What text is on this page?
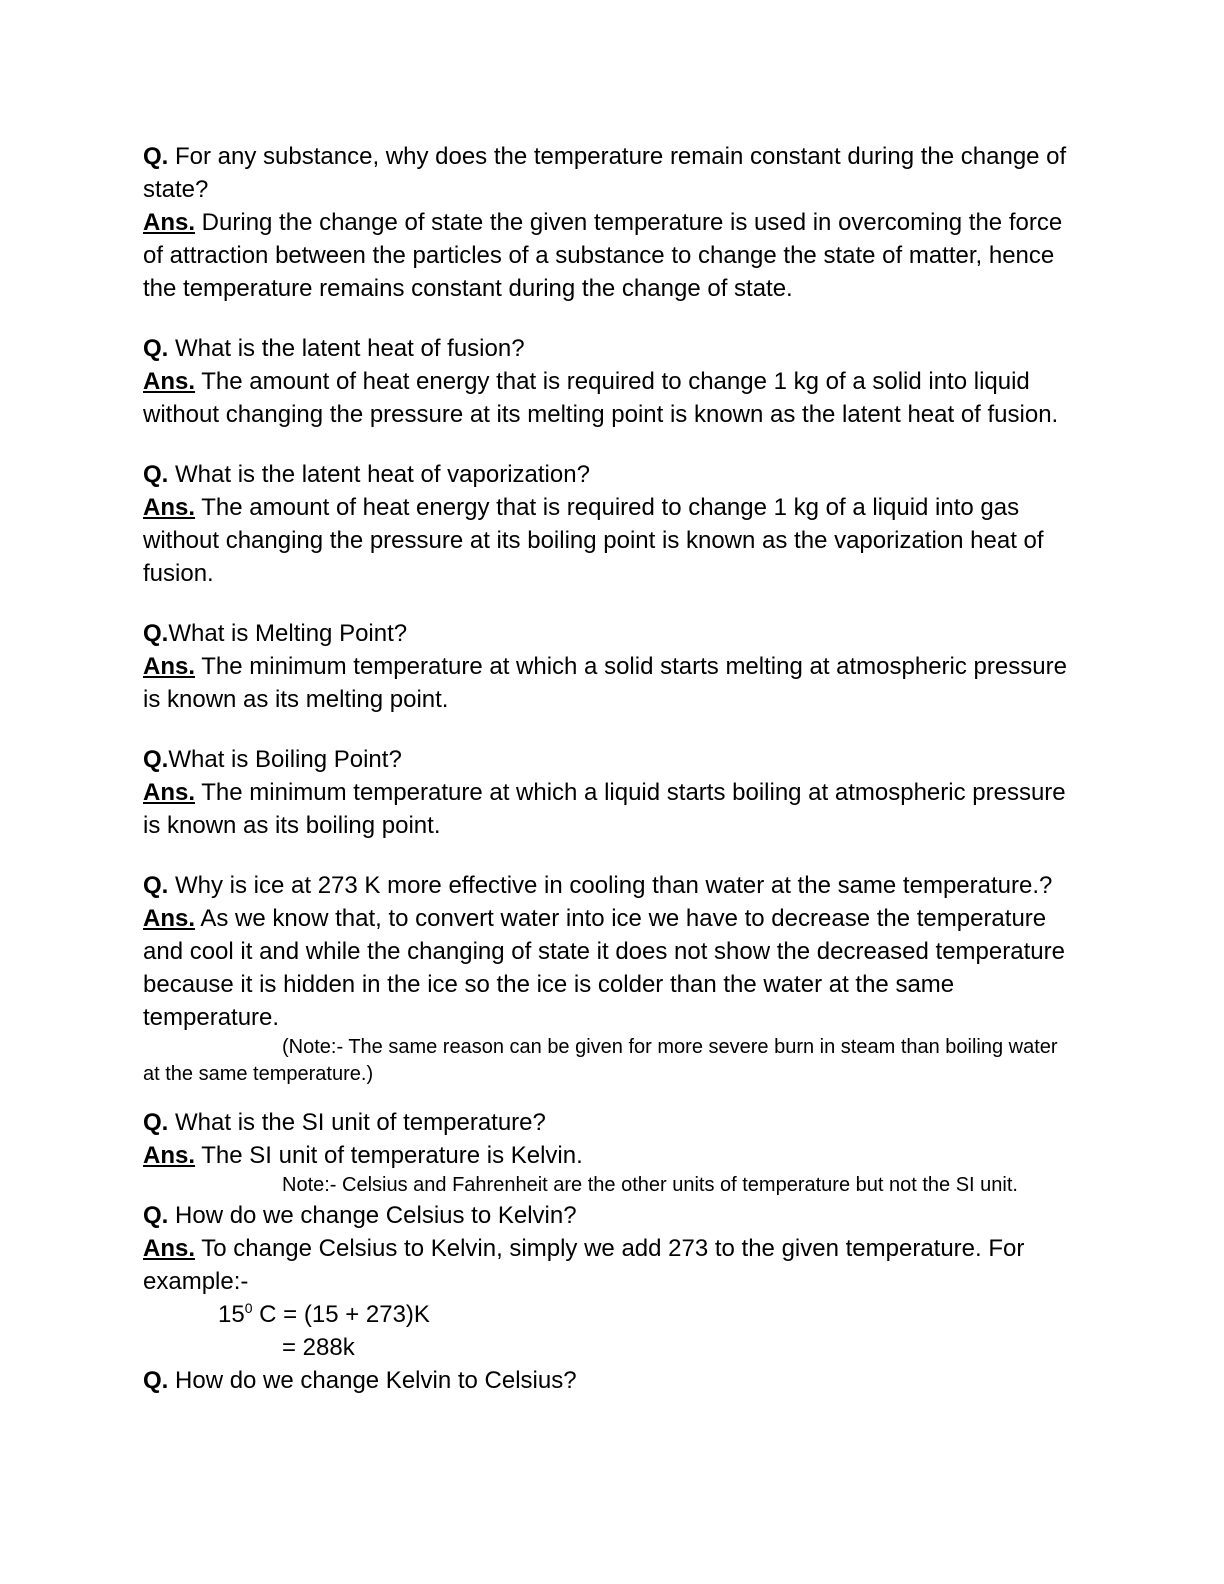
Q. For any substance, why does the temperature remain constant during the change of state?

Ans. During the change of state the given temperature is used in overcoming the force of attraction between the particles of a substance to change the state of matter, hence the temperature remains constant during the change of state.

Q. What is the latent heat of fusion?

Ans. The amount of heat energy that is required to change 1 kg of a solid into liquid without changing the pressure at its melting point is known as the latent heat of fusion.

Q. What is the latent heat of vaporization?

Ans. The amount of heat energy that is required to change 1 kg of a liquid into gas without changing the pressure at its boiling point is known as the vaporization heat of fusion.

Q.What is Melting Point?

Ans. The minimum temperature at which a solid starts melting at atmospheric pressure is known as its melting point.

Q.What is Boiling Point?

Ans. The minimum temperature at which a liquid starts boiling at atmospheric pressure is known as its boiling point.

Q. Why is ice at 273 K more effective in cooling than water at the same temperature.?

Ans. As we know that, to convert water into ice we have to decrease the temperature and cool it and while the changing of state it does not show the decreased temperature because it is hidden in the ice so the ice is colder than the water at the same temperature.

(Note:- The same reason can be given for more severe burn in steam than boiling water at the same temperature.)

Q. What is the SI unit of temperature?

Ans. The SI unit of temperature is Kelvin.

Note:- Celsius and Fahrenheit are the other units of temperature but not the SI unit.

Q. How do we change Celsius to Kelvin?

Ans. To change Celsius to Kelvin, simply we add 273 to the given temperature. For example:-

$15^0$ C = (15 + 273)K

= 288k

Q. How do we change Kelvin to Celsius?
